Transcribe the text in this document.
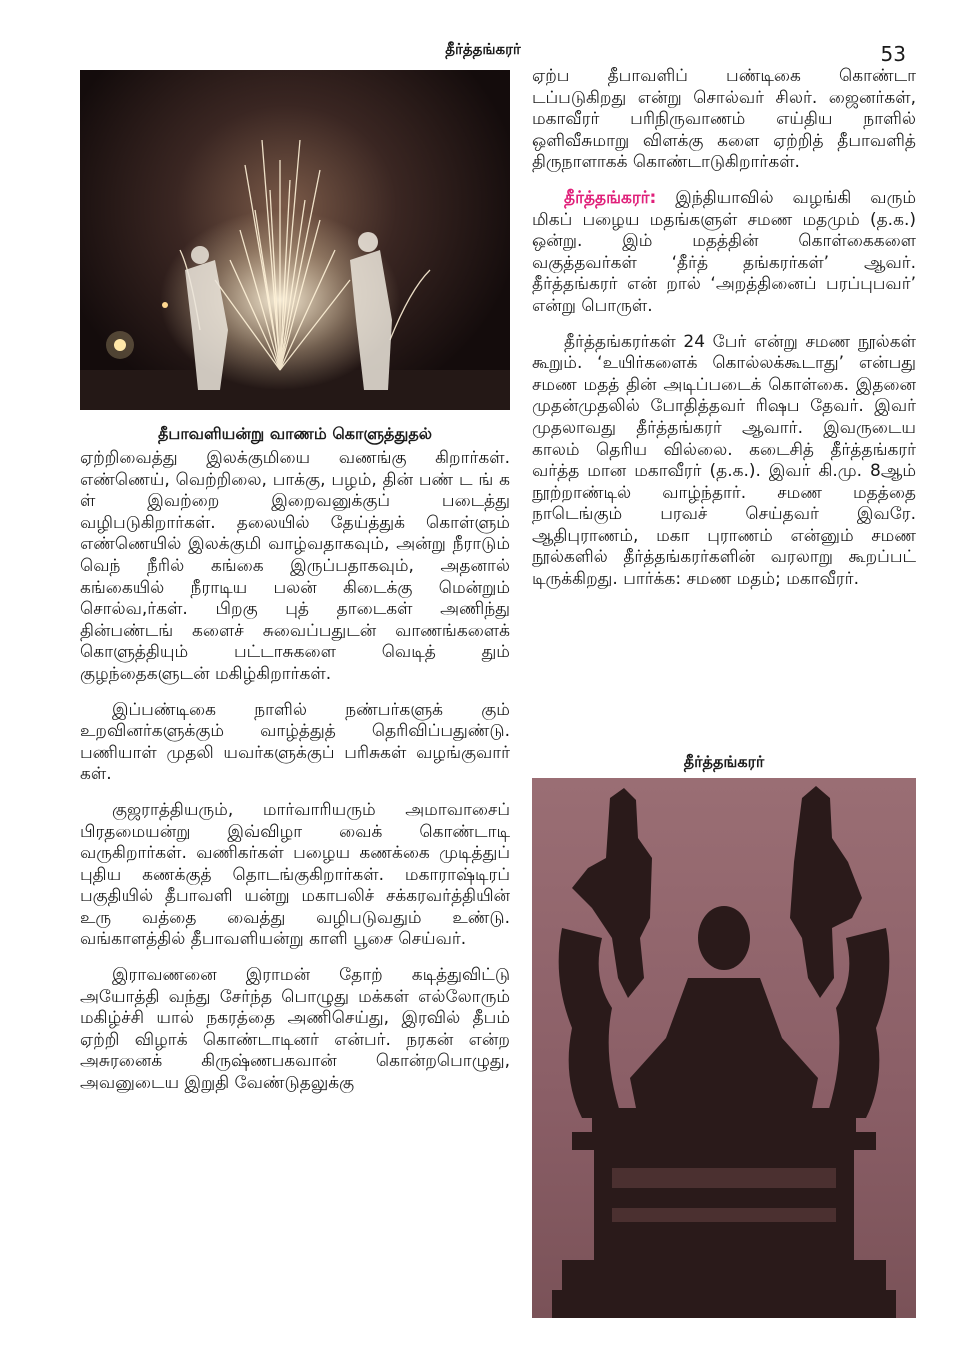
தீர்த்தங்கரர்	53
தீபாவளியன்று வாணம் கொளுத்துதல்

ஏற்றிவைத்து இலக்குமியை வணங்கு கிறார்கள். எண்ணெய், வெற்றிலை, பாக்கு, பழம், தின் பண் ட ங் க ள் இவற்றை இறைவனுக்குப் படைத்து வழிபடுகிறார்கள். தலையில் தேய்த்துக் கொள்ளும் எண்ணெயில் இலக்குமி வாழ்வதாகவும், அன்று நீராடும் வெந் நீரில் கங்கை இருப்பதாகவும், அதனால் கங்கையில் நீராடிய பலன் கிடைக்கு மென்றும் சொல்வ,ர்கள். பிறகு புத் தாடைகள் அணிந்து தின்பண்டங் களைச் சுவைப்பதுடன் வாணங்களைக் கொளுத்தியும் பட்டாசுகளை வெடித் தும் குழந்தைகளுடன் மகிழ்கிறார்கள்.

இப்பண்டிகை நாளில் நண்பர்களுக் கும் உறவினர்களுக்கும் வாழ்த்துத் தெரிவிப்பதுண்டு. பணியாள் முதலி யவர்களுக்குப் பரிசுகள் வழங்குவார் கள்.

குஜராத்தியரும், மார்வாரியரும் அமாவாசைப் பிரதமையன்று இவ்விழா வைக் கொண்டாடி வருகிறார்கள். வணிகர்கள் பழைய கணக்கை முடித்துப் புதிய கணக்குத் தொடங்குகிறார்கள். மகாராஷ்டிரப் பகுதியில் தீபாவளி யன்று மகாபலிச் சக்கரவர்த்தியின் உரு வத்தை வைத்து வழிபடுவதும் உண்டு. வங்காளத்தில் தீபாவளியன்று காளி பூசை செய்வர்.

இராவணனை இராமன் தோற் கடித்துவிட்டு அயோத்தி வந்து சேர்ந்த பொழுது மக்கள் எல்லோரும் மகிழ்ச்சி யால் நகரத்தை அணிசெய்து, இரவில் தீபம் ஏற்றி விழாக் கொண்டாடினர் என்பர். நரகன் என்ற அசுரனைக் கிருஷ்ணபகவான் கொன்றபொழுது, அவனுடைய இறுதி வேண்டுதலுக்கு

ஏற்ப தீபாவளிப் பண்டிகை கொண்டா டப்படுகிறது என்று சொல்வர் சிலர். ஜைனர்கள், மகாவீரர் பரிநிருவாணம் எய்திய நாளில் ஒளிவீசுமாறு விளக்கு களை ஏற்றித் தீபாவளித் திருநாளாகக் கொண்டாடுகிறார்கள்.

தீர்த்தங்கரர்: இந்தியாவில் வழங்கி வரும் மிகப் பழைய மதங்களுள் சமண மதமும் (த.க.) ஒன்று. இம் மதத்தின் கொள்கைகளை வகுத்தவர்கள் ‘தீர்த் தங்கரர்கள்’ ஆவர். தீர்த்தங்கரர் என் றால் ‘அறத்தினைப் பரப்புபவர்’ என்று பொருள்.

தீர்த்தங்கரர்கள் 24 பேர் என்று சமண நூல்கள் கூறும். ‘உயிர்களைக் கொல்லக்கூடாது’ என்பது சமண மதத் தின் அடிப்படைக் கொள்கை. இதனை முதன்முதலில் போதித்தவர் ரிஷப தேவர். இவர் முதலாவது தீர்த்தங்கரர் ஆவார். இவருடைய காலம் தெரிய வில்லை. கடைசித் தீர்த்தங்கரர் வர்த்த மான மகாவீரர் (த.க.). இவர் கி.மு. 8ஆம் நூற்றாண்டில் வாழ்ந்தார். சமண மதத்தை நாடெங்கும் பரவச் செய்தவர் இவரே. ஆதிபுராணம், மகா புராணம் என்னும் சமண நூல்களில் தீர்த்தங்கரர்களின் வரலாறு கூறப்பட் டிருக்கிறது. பார்க்க: சமண மதம்; மகாவீரர்.

தீர்த்தங்கரர்
